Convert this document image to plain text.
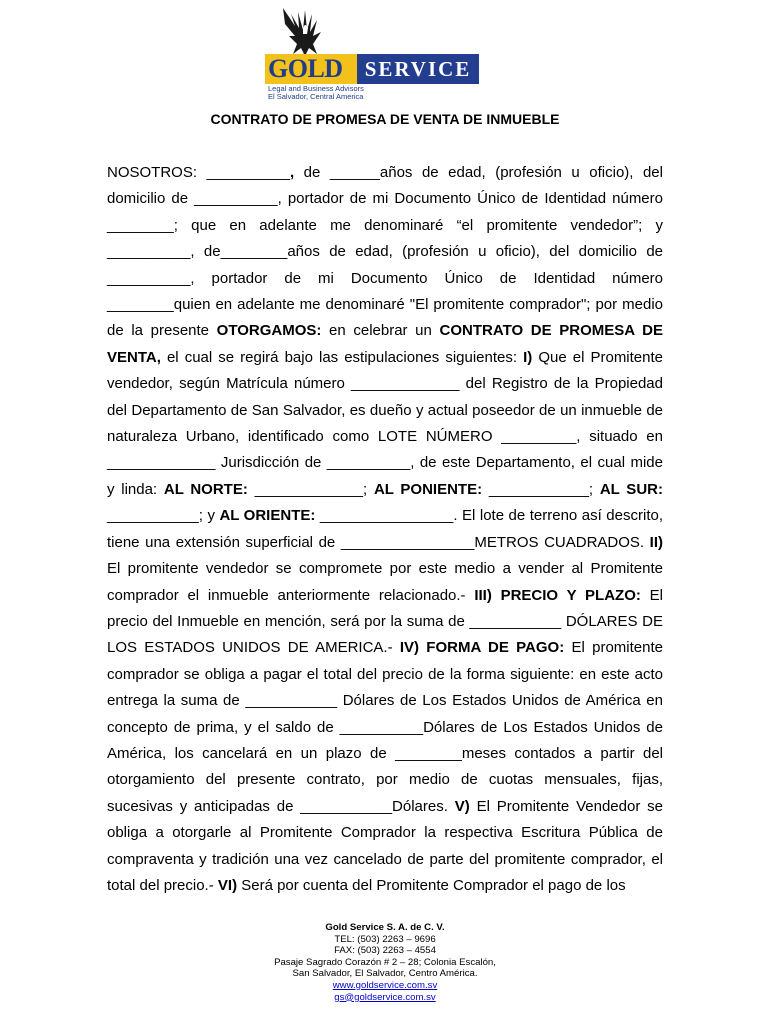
GOLD	SERVICE
Legal and Business Advisors
El Salvador, Central America
CONTRATO DE PROMESA DE VENTA DE INMUEBLE

NOSOTROS: __________, de ______años de edad, (profesión u oficio), del domicilio de __________, portador de mi Documento Único de Identidad número ________; que en adelante me denominaré “el promitente vendedor”; y __________, de________años de edad, (profesión u oficio), del domicilio de __________, portador de mi Documento Único de Identidad número ________quien en adelante me denominaré "El promitente comprador"; por medio de la presente OTORGAMOS: en celebrar un CONTRATO DE PROMESA DE VENTA, el cual se regirá bajo las estipulaciones siguientes: I) Que el Promitente vendedor, según Matrícula número _____________ del Registro de la Propiedad del Departamento de San Salvador, es dueño y actual poseedor de un inmueble de naturaleza Urbano, identificado como LOTE NÚMERO _________, situado en _____________ Jurisdicción de __________, de este Departamento, el cual mide y linda: AL NORTE: _____________; AL PONIENTE: ____________; AL SUR: ___________; y AL ORIENTE: ________________. El lote de terreno así descrito, tiene una extensión superficial de ________________METROS CUADRADOS. II) El promitente vendedor se compromete por este medio a vender al Promitente comprador el inmueble anteriormente relacionado.- III) PRECIO Y PLAZO: El precio del Inmueble en mención, será por la suma de ___________ DÓLARES DE LOS ESTADOS UNIDOS DE AMERICA.- IV) FORMA DE PAGO: El promitente comprador se obliga a pagar el total del precio de la forma siguiente: en este acto entrega la suma de ___________ Dólares de Los Estados Unidos de América en concepto de prima, y el saldo de __________Dólares de Los Estados Unidos de América, los cancelará en un plazo de ________meses contados a partir del otorgamiento del presente contrato, por medio de cuotas mensuales, fijas, sucesivas y anticipadas de ___________Dólares. V) El Promitente Vendedor se obliga a otorgarle al Promitente Comprador la respectiva Escritura Pública de compraventa y tradición una vez cancelado de parte del promitente comprador, el total del precio.- VI) Será por cuenta del Promitente Comprador el pago de los

Gold Service S. A. de C. V.
TEL: (503) 2263 – 9696
FAX: (503) 2263 – 4554
Pasaje Sagrado Corazón # 2 – 28; Colonia Escalón,
San Salvador, El Salvador, Centro América.
www.goldservice.com.sv
gs@goldservice.com.sv
